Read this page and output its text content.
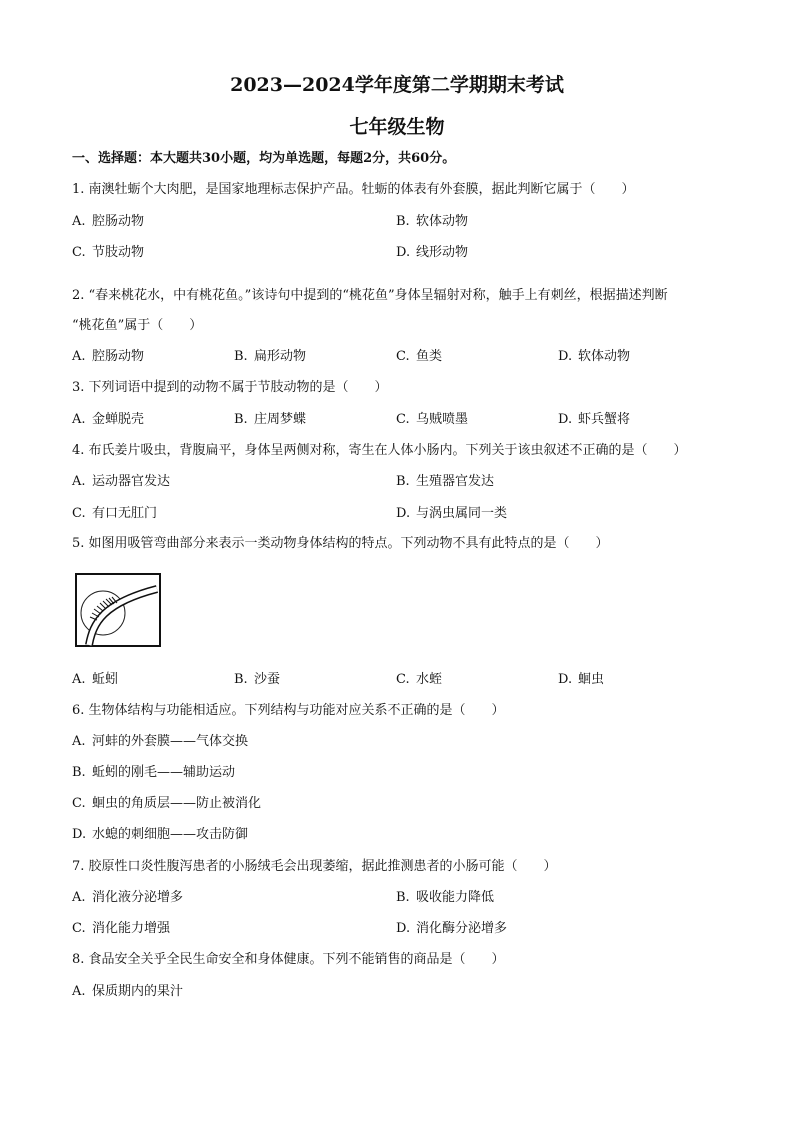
2023—2024学年度第二学期期末考试
七年级生物
一、选择题：本大题共30小题，均为单选题，每题2分，共60分。
1. 南澳牡蛎个大肉肥，是国家地理标志保护产品。牡蛎的体表有外套膜，据此判断它属于（　　）
A. 腔肠动物	B. 软体动物
C. 节肢动物	D. 线形动物
2. “春来桃花水，中有桃花鱼。”该诗句中提到的“桃花鱼”身体呈辐射对称，触手上有刺丝，根据描述判断
“桃花鱼”属于（　　）
A. 腔肠动物	B. 扁形动物	C. 鱼类	D. 软体动物
3. 下列词语中提到的动物不属于节肢动物的是（　　）
A. 金蝉脱壳	B. 庄周梦蝶	C. 乌贼喷墨	D. 虾兵蟹将
4. 布氏姜片吸虫，背腹扁平，身体呈两侧对称，寄生在人体小肠内。下列关于该虫叙述不正确的是（　　）
A. 运动器官发达	B. 生殖器官发达
C. 有口无肛门	D. 与涡虫属同一类
5. 如图用吸管弯曲部分来表示一类动物身体结构的特点。下列动物不具有此特点的是（　　）
A. 蚯蚓	B. 沙蚕	C. 水蛭	D. 蛔虫
6. 生物体结构与功能相适应。下列结构与功能对应关系不正确的是（　　）
A. 河蚌的外套膜——气体交换
B. 蚯蚓的刚毛——辅助运动
C. 蛔虫的角质层——防止被消化
D. 水螅的刺细胞——攻击防御
7. 胶原性口炎性腹泻患者的小肠绒毛会出现萎缩，据此推测患者的小肠可能（　　）
A. 消化液分泌增多	B. 吸收能力降低
C. 消化能力增强	D. 消化酶分泌增多
8. 食品安全关乎全民生命安全和身体健康。下列不能销售的商品是（　　）
A. 保质期内的果汁
